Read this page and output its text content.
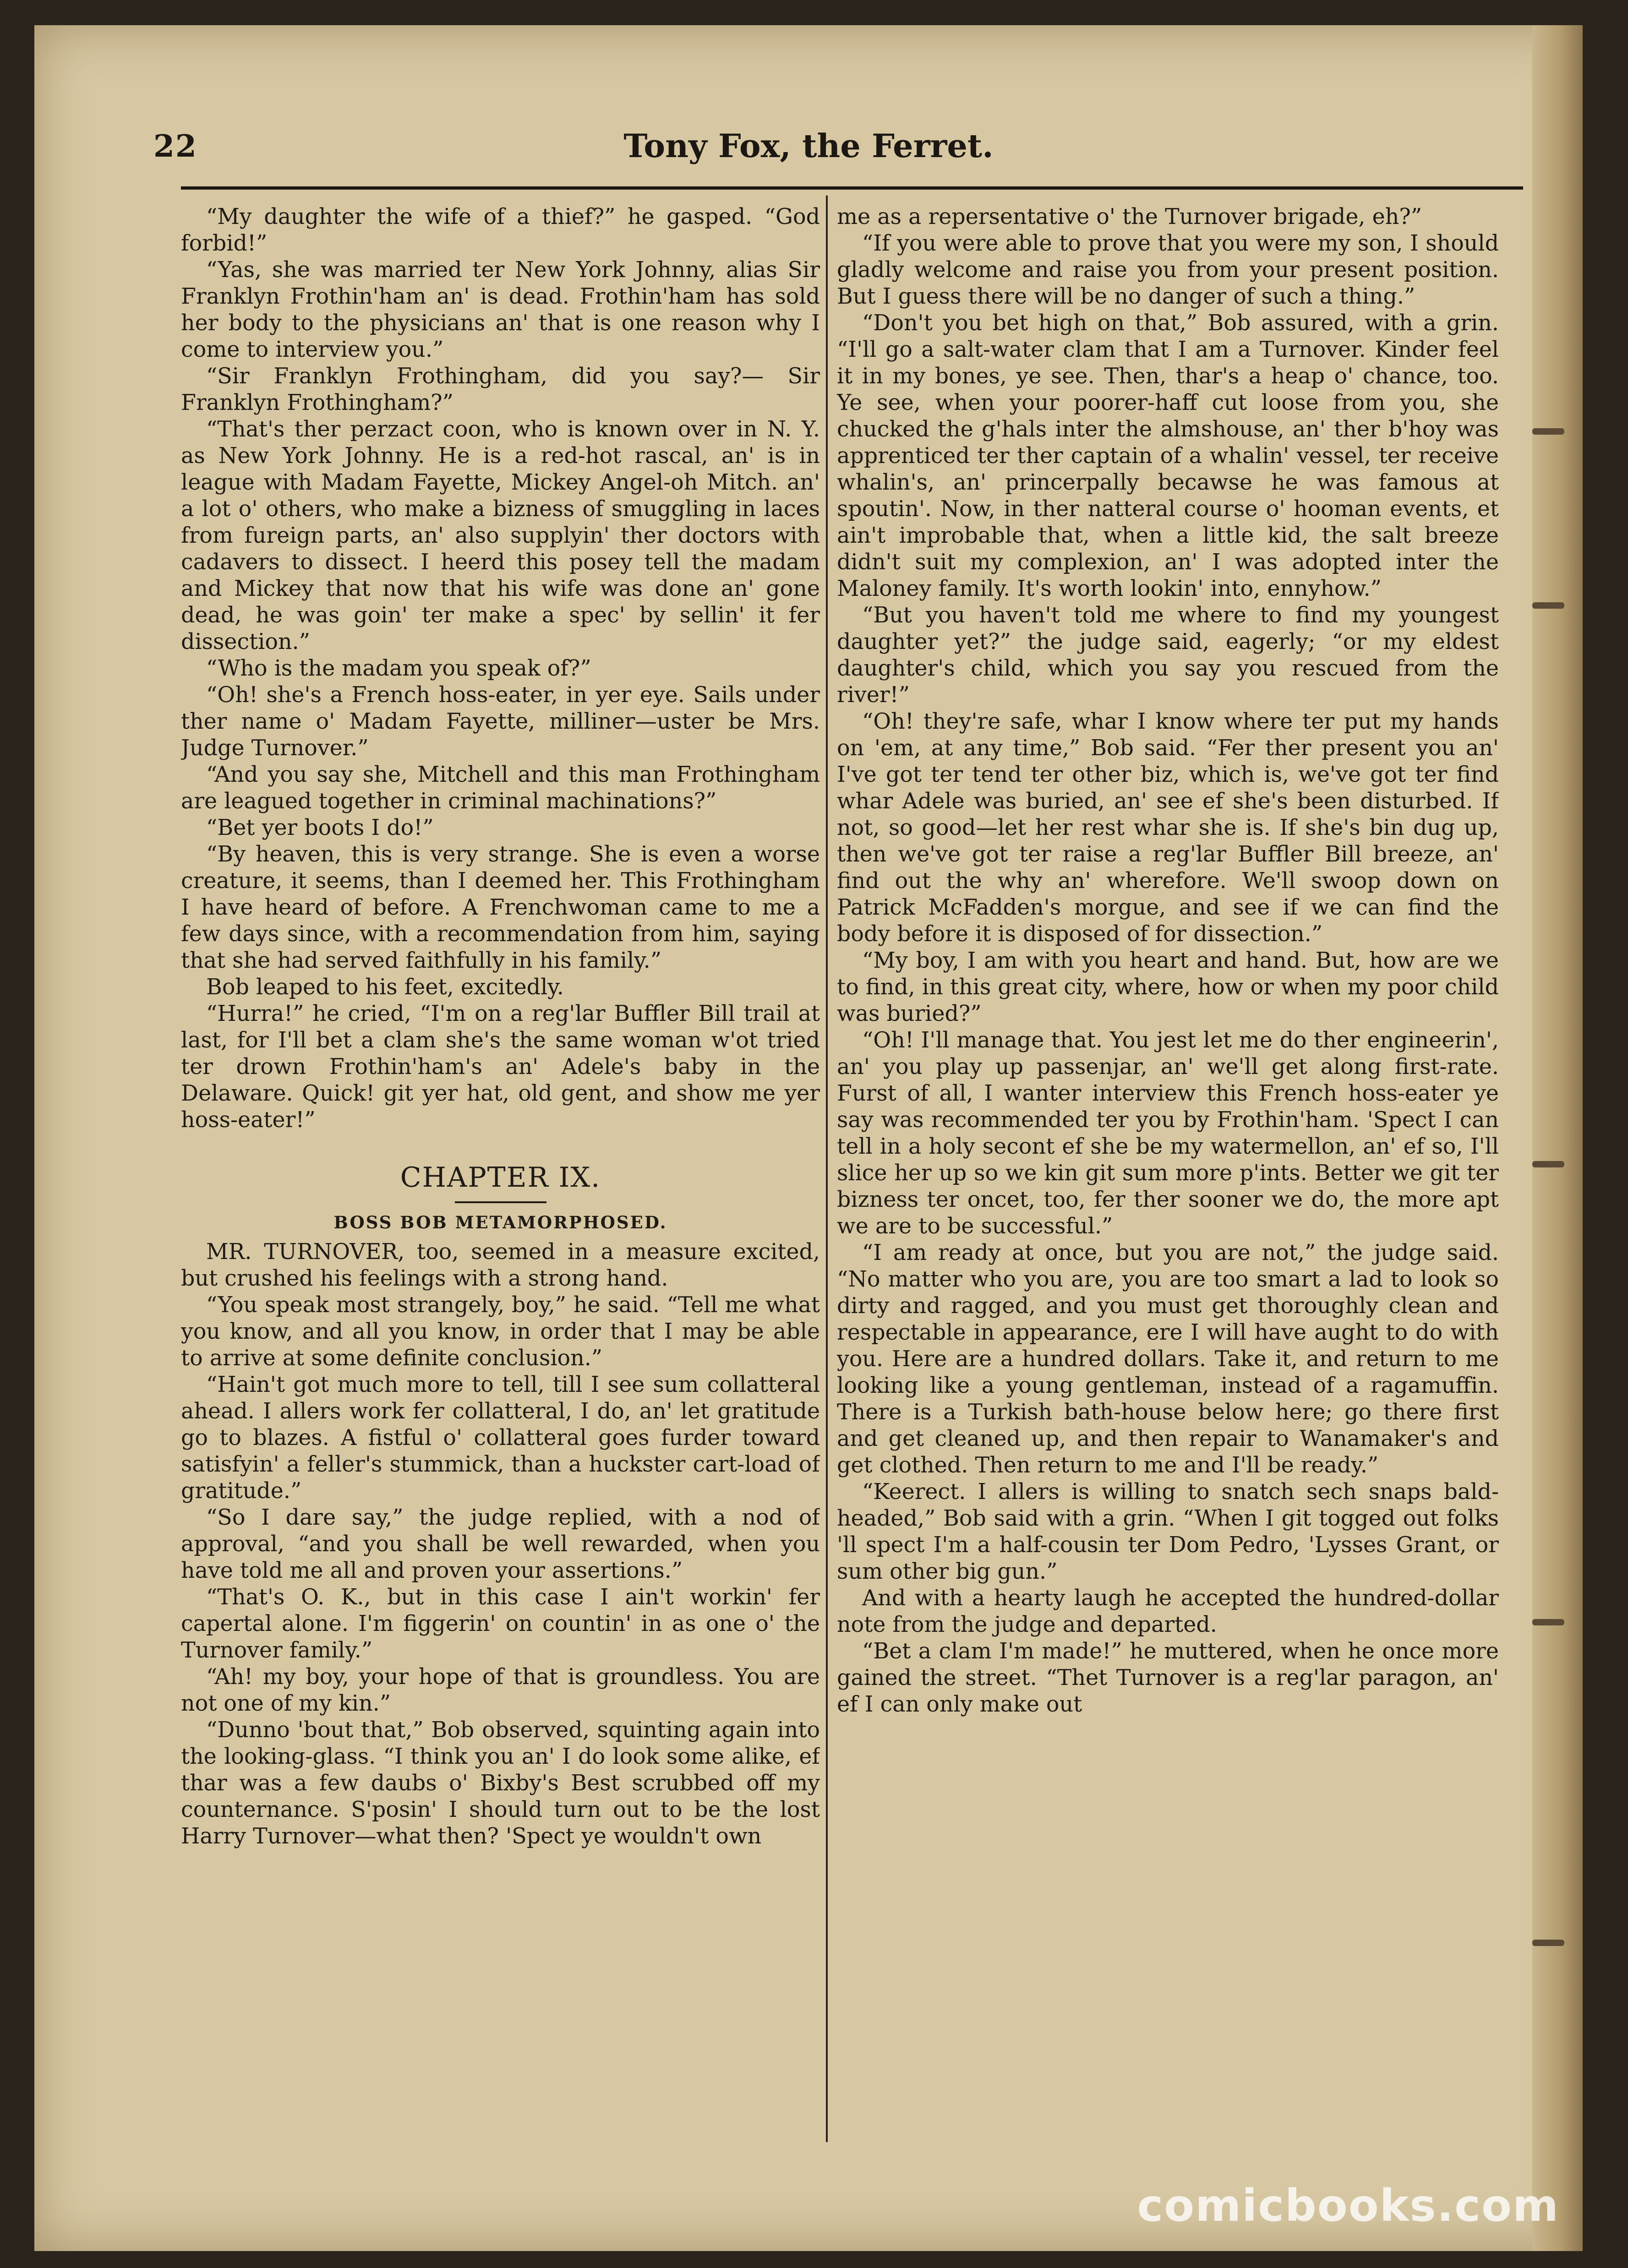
22	Tony Fox, the Ferret.

“My daughter the wife of a thief?” he gasped. “God forbid!”

“Yas, she was married ter New York Johnny, alias Sir Franklyn Frothin'ham an' is dead. Frothin'ham has sold her body to the physicians an' that is one reason why I come to interview you.”

“Sir Franklyn Frothingham, did you say?— Sir Franklyn Frothingham?”

“That's ther perzact coon, who is known over in N. Y. as New York Johnny. He is a red-hot rascal, an' is in league with Madam Fayette, Mickey Angel-oh Mitch. an' a lot o' others, who make a bizness of smuggling in laces from fureign parts, an' also supplyin' ther doctors with cadavers to dissect. I heerd this posey tell the madam and Mickey that now that his wife was done an' gone dead, he was goin' ter make a spec' by sellin' it fer dissection.”

“Who is the madam you speak of?”

“Oh! she's a French hoss-eater, in yer eye. Sails under ther name o' Madam Fayette, milliner—uster be Mrs. Judge Turnover.”

“And you say she, Mitchell and this man Frothingham are leagued together in criminal machinations?”

“Bet yer boots I do!”

“By heaven, this is very strange. She is even a worse creature, it seems, than I deemed her. This Frothingham I have heard of before. A Frenchwoman came to me a few days since, with a recommendation from him, saying that she had served faithfully in his family.”

Bob leaped to his feet, excitedly.

“Hurra!” he cried, “I'm on a reg'lar Buffler Bill trail at last, for I'll bet a clam she's the same woman w'ot tried ter drown Frothin'ham's an' Adele's baby in the Delaware. Quick! git yer hat, old gent, and show me yer hoss-eater!”

CHAPTER IX.
BOSS BOB METAMORPHOSED.

MR. TURNOVER, too, seemed in a measure excited, but crushed his feelings with a strong hand.

“You speak most strangely, boy,” he said. “Tell me what you know, and all you know, in order that I may be able to arrive at some definite conclusion.”

“Hain't got much more to tell, till I see sum collatteral ahead. I allers work fer collatteral, I do, an' let gratitude go to blazes. A fistful o' collatteral goes furder toward satisfyin' a feller's stummick, than a huckster cart-load of gratitude.”

“So I dare say,” the judge replied, with a nod of approval, “and you shall be well rewarded, when you have told me all and proven your assertions.”

“That's O. K., but in this case I ain't workin' fer capertal alone. I'm figgerin' on countin' in as one o' the Turnover family.”

“Ah! my boy, your hope of that is groundless. You are not one of my kin.”

“Dunno 'bout that,” Bob observed, squinting again into the looking-glass. “I think you an' I do look some alike, ef thar was a few daubs o' Bixby's Best scrubbed off my counternance. S'posin' I should turn out to be the lost Harry Turnover—what then? 'Spect ye wouldn't own

me as a repersentative o' the Turnover brigade, eh?”

“If you were able to prove that you were my son, I should gladly welcome and raise you from your present position. But I guess there will be no danger of such a thing.”

“Don't you bet high on that,” Bob assured, with a grin. “I'll go a salt-water clam that I am a Turnover. Kinder feel it in my bones, ye see. Then, thar's a heap o' chance, too. Ye see, when your poorer-haff cut loose from you, she chucked the g'hals inter the almshouse, an' ther b'hoy was apprenticed ter ther captain of a whalin' vessel, ter receive whalin's, an' princerpally becawse he was famous at spoutin'. Now, in ther natteral course o' hooman events, et ain't improbable that, when a little kid, the salt breeze didn't suit my complexion, an' I was adopted inter the Maloney family. It's worth lookin' into, ennyhow.”

“But you haven't told me where to find my youngest daughter yet?” the judge said, eagerly; “or my eldest daughter's child, which you say you rescued from the river!”

“Oh! they're safe, whar I know where ter put my hands on 'em, at any time,” Bob said. “Fer ther present you an' I've got ter tend ter other biz, which is, we've got ter find whar Adele was buried, an' see ef she's been disturbed. If not, so good—let her rest whar she is. If she's bin dug up, then we've got ter raise a reg'lar Buffler Bill breeze, an' find out the why an' wherefore. We'll swoop down on Patrick McFadden's morgue, and see if we can find the body before it is disposed of for dissection.”

“My boy, I am with you heart and hand. But, how are we to find, in this great city, where, how or when my poor child was buried?”

“Oh! I'll manage that. You jest let me do ther engineerin', an' you play up passenjar, an' we'll get along first-rate. Furst of all, I wanter interview this French hoss-eater ye say was recommended ter you by Frothin'ham. 'Spect I can tell in a holy secont ef she be my watermellon, an' ef so, I'll slice her up so we kin git sum more p'ints. Better we git ter bizness ter oncet, too, fer ther sooner we do, the more apt we are to be successful.”

“I am ready at once, but you are not,” the judge said. “No matter who you are, you are too smart a lad to look so dirty and ragged, and you must get thoroughly clean and respectable in appearance, ere I will have aught to do with you. Here are a hundred dollars. Take it, and return to me looking like a young gentleman, instead of a ragamuffin. There is a Turkish bath-house below here; go there first and get cleaned up, and then repair to Wanamaker's and get clothed. Then return to me and I'll be ready.”

“Keerect. I allers is willing to snatch sech snaps bald-headed,” Bob said with a grin. “When I git togged out folks 'll spect I'm a half-cousin ter Dom Pedro, 'Lysses Grant, or sum other big gun.”

And with a hearty laugh he accepted the hundred-dollar note from the judge and departed.

“Bet a clam I'm made!” he muttered, when he once more gained the street. “Thet Turnover is a reg'lar paragon, an' ef I can only make out

comicbooks.com
